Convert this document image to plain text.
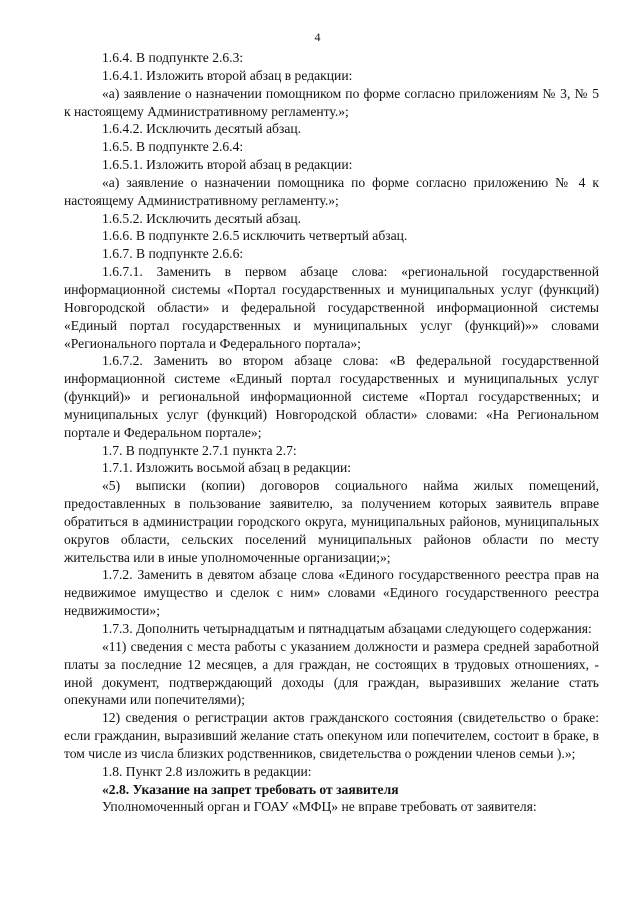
4

1.6.4. В подпункте 2.6.3:

1.6.4.1. Изложить второй абзац в редакции:

«а) заявление о назначении помощником по форме согласно приложениям № 3, № 5 к настоящему Административному регламенту.»;

1.6.4.2. Исключить десятый абзац.

1.6.5. В подпункте 2.6.4:

1.6.5.1. Изложить второй абзац в редакции:

«а) заявление о назначении помощника по форме согласно приложению № 4 к настоящему Административному регламенту.»;

1.6.5.2. Исключить десятый абзац.

1.6.6. В подпункте 2.6.5 исключить четвертый абзац.

1.6.7. В подпункте 2.6.6:

1.6.7.1. Заменить в первом абзаце слова: «региональной государственной информационной системы «Портал государственных и муниципальных услуг (функций) Новгородской области» и федеральной государственной информационной системы «Единый портал государственных и муниципальных услуг (функций)»» словами «Регионального портала и Федерального портала»;

1.6.7.2. Заменить во втором абзаце слова: «В федеральной государственной информационной системе «Единый портал государственных и муниципальных услуг (функций)» и региональной информационной системе «Портал государственных; и муниципальных услуг (функций) Новгородской области» словами: «На Региональном портале и Федеральном портале»;

1.7. В подпункте 2.7.1 пункта 2.7:

1.7.1. Изложить восьмой абзац в редакции:

«5) выписки (копии) договоров социального найма жилых помещений, предоставленных в пользование заявителю, за получением которых заявитель вправе обратиться в администрации городского округа, муниципальных районов, муниципальных округов области, сельских поселений муниципальных районов области по месту жительства или в иные уполномоченные организации;»;

1.7.2. Заменить в девятом абзаце слова «Единого государственного реестра прав на недвижимое имущество и сделок с ним» словами «Единого государственного реестра недвижимости»;

1.7.3. Дополнить четырнадцатым и пятнадцатым абзацами следующего содержания:

«11) сведения с места работы с указанием должности и размера средней заработной платы за последние 12 месяцев, а для граждан, не состоящих в трудовых отношениях, - иной документ, подтверждающий доходы (для граждан, выразивших желание стать опекунами или попечителями);

12) сведения о регистрации актов гражданского состояния (свидетельство о браке: если гражданин, выразивший желание стать опекуном или попечителем, состоит в браке, в том числе из числа близких родственников, свидетельства о рождении членов семьи ).»;

1.8. Пункт 2.8 изложить в редакции:

«2.8. Указание на запрет требовать от заявителя

Уполномоченный орган и ГОАУ «МФЦ» не вправе требовать от заявителя:
